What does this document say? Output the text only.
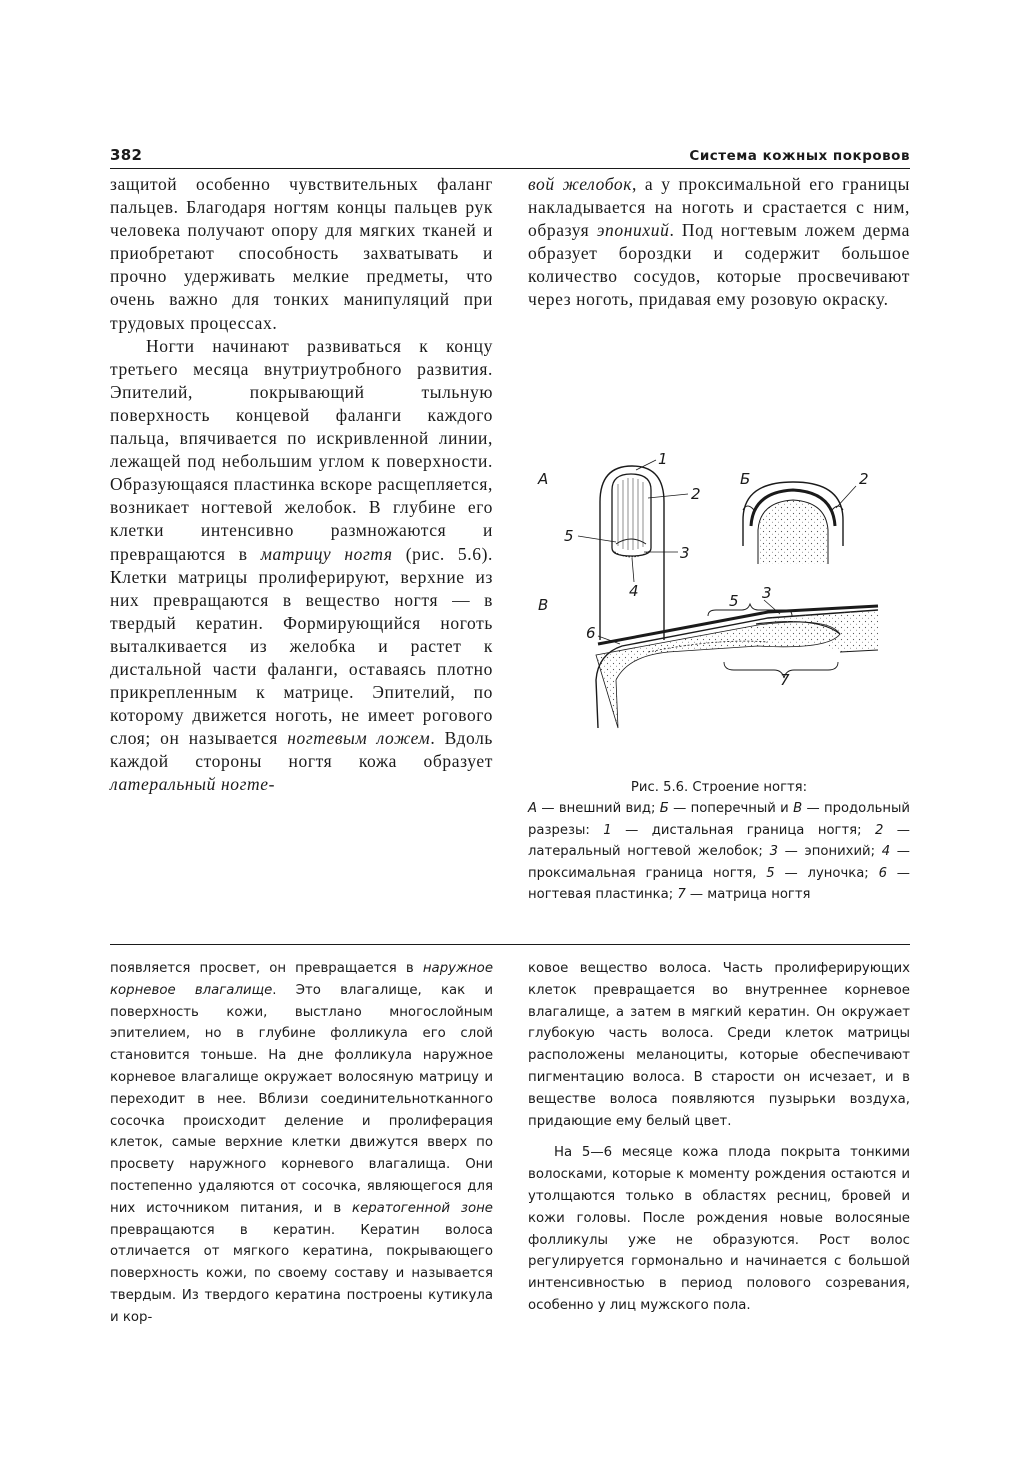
382	Система кожных покровов

защитой особенно чувствительных фаланг пальцев. Благодаря ногтям концы пальцев рук человека получают опору для мягких тканей и приобретают способность захватывать и прочно удерживать мелкие предметы, что очень важно для тонких манипуляций при трудовых процессах.

Ногти начинают развиваться к концу третьего месяца внутриутробного развития. Эпителий, покрывающий тыльную поверхность концевой фаланги каждого пальца, впячивается по искривленной линии, лежащей под небольшим углом к поверхности. Образующаяся пластинка вскоре расщепляется, возникает ногтевой желобок. В глубине его клетки интенсивно размножаются и превращаются в матрицу ногтя (рис. 5.6). Клетки матрицы пролиферируют, верхние из них превращаются в вещество ногтя — в твердый кератин. Формирующийся ноготь выталкивается из желобка и растет к дистальной части фаланги, оставаясь плотно прикрепленным к матрице. Эпителий, по которому движется ноготь, не имеет рогового слоя; он называется ногтевым ложем. Вдоль каждой стороны ногтя кожа образует латеральный ногте-

вой желобок, а у проксимальной его границы накладывается на ноготь и срастается с ним, образуя эпонихий. Под ногтевым ложем дерма образует бороздки и содержит большое количество сосудов, которые просвечивают через ноготь, придавая ему розовую окраску.

А	Б
В
1
2
2
3
3
4
5
5
6
7
Рис. 5.6. Строение ногтя:
А — внешний вид; Б — поперечный и В — продольный разрезы: 1 — дистальная граница ногтя; 2 — латеральный ногтевой желобок; 3 — эпонихий; 4 — проксимальная граница ногтя, 5 — луночка; 6 — ногтевая пластинка; 7 — матрица ногтя

появляется просвет, он превращается в наружное корневое влагалище. Это влагалище, как и поверхность кожи, выстлано многослойным эпителием, но в глубине фолликула его слой становится тоньше. На дне фолликула наружное корневое влагалище окружает волосяную матрицу и переходит в нее. Вблизи соединительнотканного сосочка происходит деление и пролиферация клеток, самые верхние клетки движутся вверх по просвету наружного корневого влагалища. Они постепенно удаляются от сосочка, являющегося для них источником питания, и в кератогенной зоне превращаются в кератин. Кератин волоса отличается от мягкого кератина, покрывающего поверхность кожи, по своему составу и называется твердым. Из твердого кератина построены кутикула и кор-

ковое вещество волоса. Часть пролиферирующих клеток превращается во внутреннее корневое влагалище, а затем в мягкий кератин. Он окружает глубокую часть волоса. Среди клеток матрицы расположены меланоциты, которые обеспечивают пигментацию волоса. В старости он исчезает, и в веществе волоса появляются пузырьки воздуха, придающие ему белый цвет.

На 5—6 месяце кожа плода покрыта тонкими волосками, которые к моменту рождения остаются и утолщаются только в областях ресниц, бровей и кожи головы. После рождения новые волосяные фолликулы уже не образуются. Рост волос регулируется гормонально и начинается с большой интенсивностью в период полового созревания, особенно у лиц мужского пола.
